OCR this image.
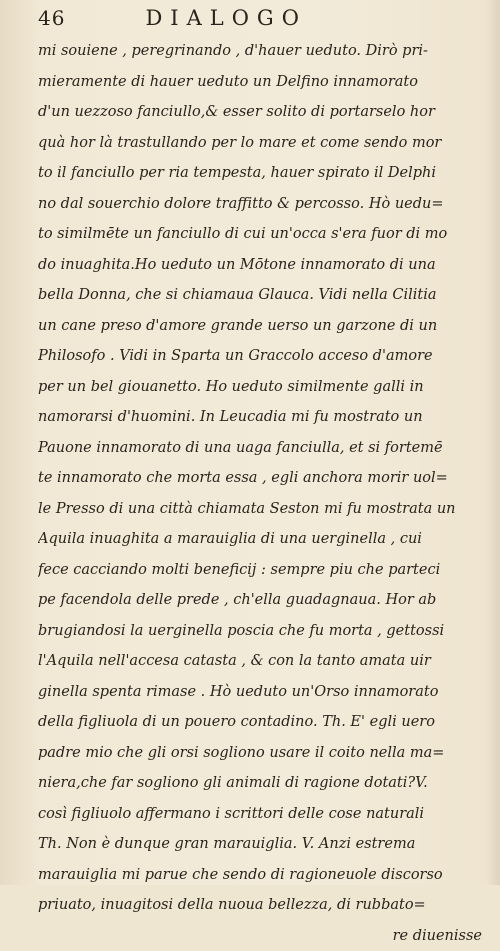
46	DIALOGO
mi souiene , peregrinando , d'hauer ueduto. Dirò pri-
mieramente di hauer ueduto un Delfino innamorato
d'un uezzoso fanciullo,& esser solito di portarselo hor
quà hor là trastullando per lo mare et come sendo mor
to il fanciullo per ria tempesta, hauer spirato il Delphi
no dal souerchio dolore traffitto & percosso. Hò uedu=
to similmēte un fanciullo di cui un'occa s'era fuor di mo
do inuaghita.Ho ueduto un Mōtone innamorato di una
bella Donna, che si chiamaua Glauca. Vidi nella Cilitia
un cane preso d'amore grande uerso un garzone di un
Philosofo . Vidi in Sparta un Graccolo acceso d'amore
per un bel giouanetto. Ho ueduto similmente galli in
namorarsi d'huomini. In Leucadia mi fu mostrato un
Pauone innamorato di una uaga fanciulla, et si fortemē
te innamorato che morta essa , egli anchora morir uol=
le Presso di una città chiamata Seston mi fu mostrata un
Aquila inuaghita a marauiglia di una uerginella , cui
fece cacciando molti beneficij : sempre piu che parteci
pe facendola delle prede , ch'ella guadagnaua. Hor ab
brugiandosi la uerginella poscia che fu morta , gettossi
l'Aquila nell'accesa catasta , & con la tanto amata uir
ginella spenta rimase . Hò ueduto un'Orso innamorato
della figliuola di un pouero contadino. Th. E' egli uero
padre mio che gli orsi sogliono usare il coito nella ma=
niera,che far sogliono gli animali di ragione dotati?V.
così figliuolo affermano i scrittori delle cose naturali
Th. Non è dunque gran marauiglia. V. Anzi estrema
marauiglia mi parue che sendo di ragioneuole discorso
priuato, inuagitosi della nuoua bellezza, di rubbato=
re diuenisse
